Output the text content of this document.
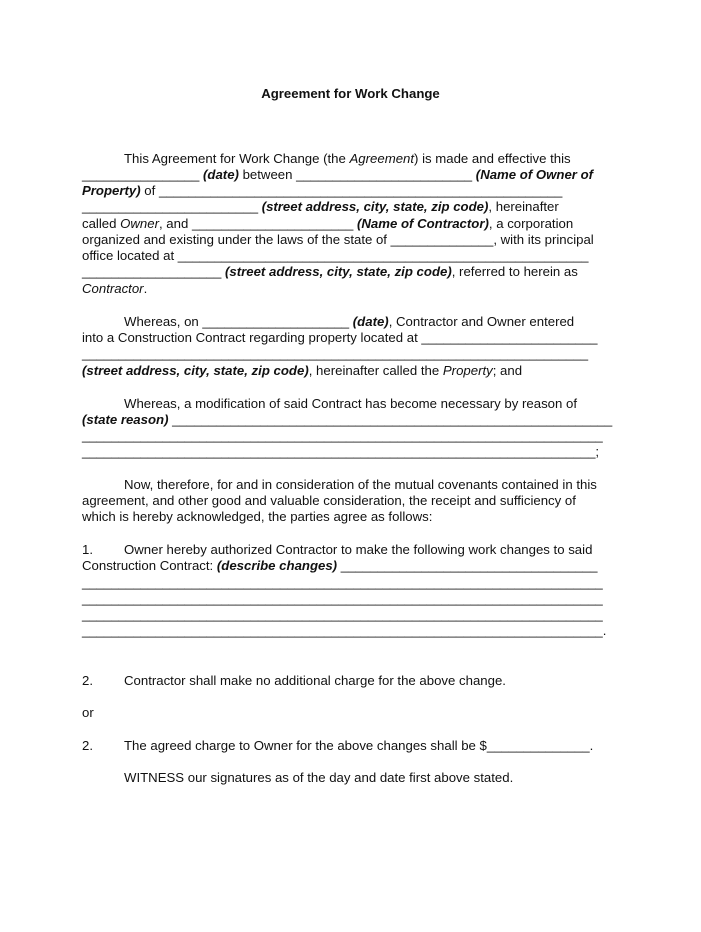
Agreement for Work Change
This Agreement for Work Change (the Agreement) is made and effective this
________________ (date) between ________________________ (Name of Owner of
Property) of _______________________________________________________
________________________ (street address, city, state, zip code), hereinafter
called Owner, and ______________________ (Name of Contractor), a corporation
organized and existing under the laws of the state of ______________, with its principal
office located at ________________________________________________________
___________________ (street address, city, state, zip code), referred to herein as
Contractor.
Whereas, on ____________________ (date), Contractor and Owner entered
into a Construction Contract regarding property located at ________________________
_____________________________________________________________________
(street address, city, state, zip code), hereinafter called the Property; and
Whereas, a modification of said Contract has become necessary by reason of
(state reason) ____________________________________________________________
_______________________________________________________________________
______________________________________________________________________;
Now, therefore, for and in consideration of the mutual covenants contained in this
agreement, and other good and valuable consideration, the receipt and sufficiency of
which is hereby acknowledged, the parties agree as follows:
1. Owner hereby authorized Contractor to make the following work changes to said
Construction Contract: (describe changes) ___________________________________
_______________________________________________________________________
_______________________________________________________________________
_______________________________________________________________________
_______________________________________________________________________.
2. Contractor shall make no additional charge for the above change.
or
2. The agreed charge to Owner for the above changes shall be $______________.
WITNESS our signatures as of the day and date first above stated.
